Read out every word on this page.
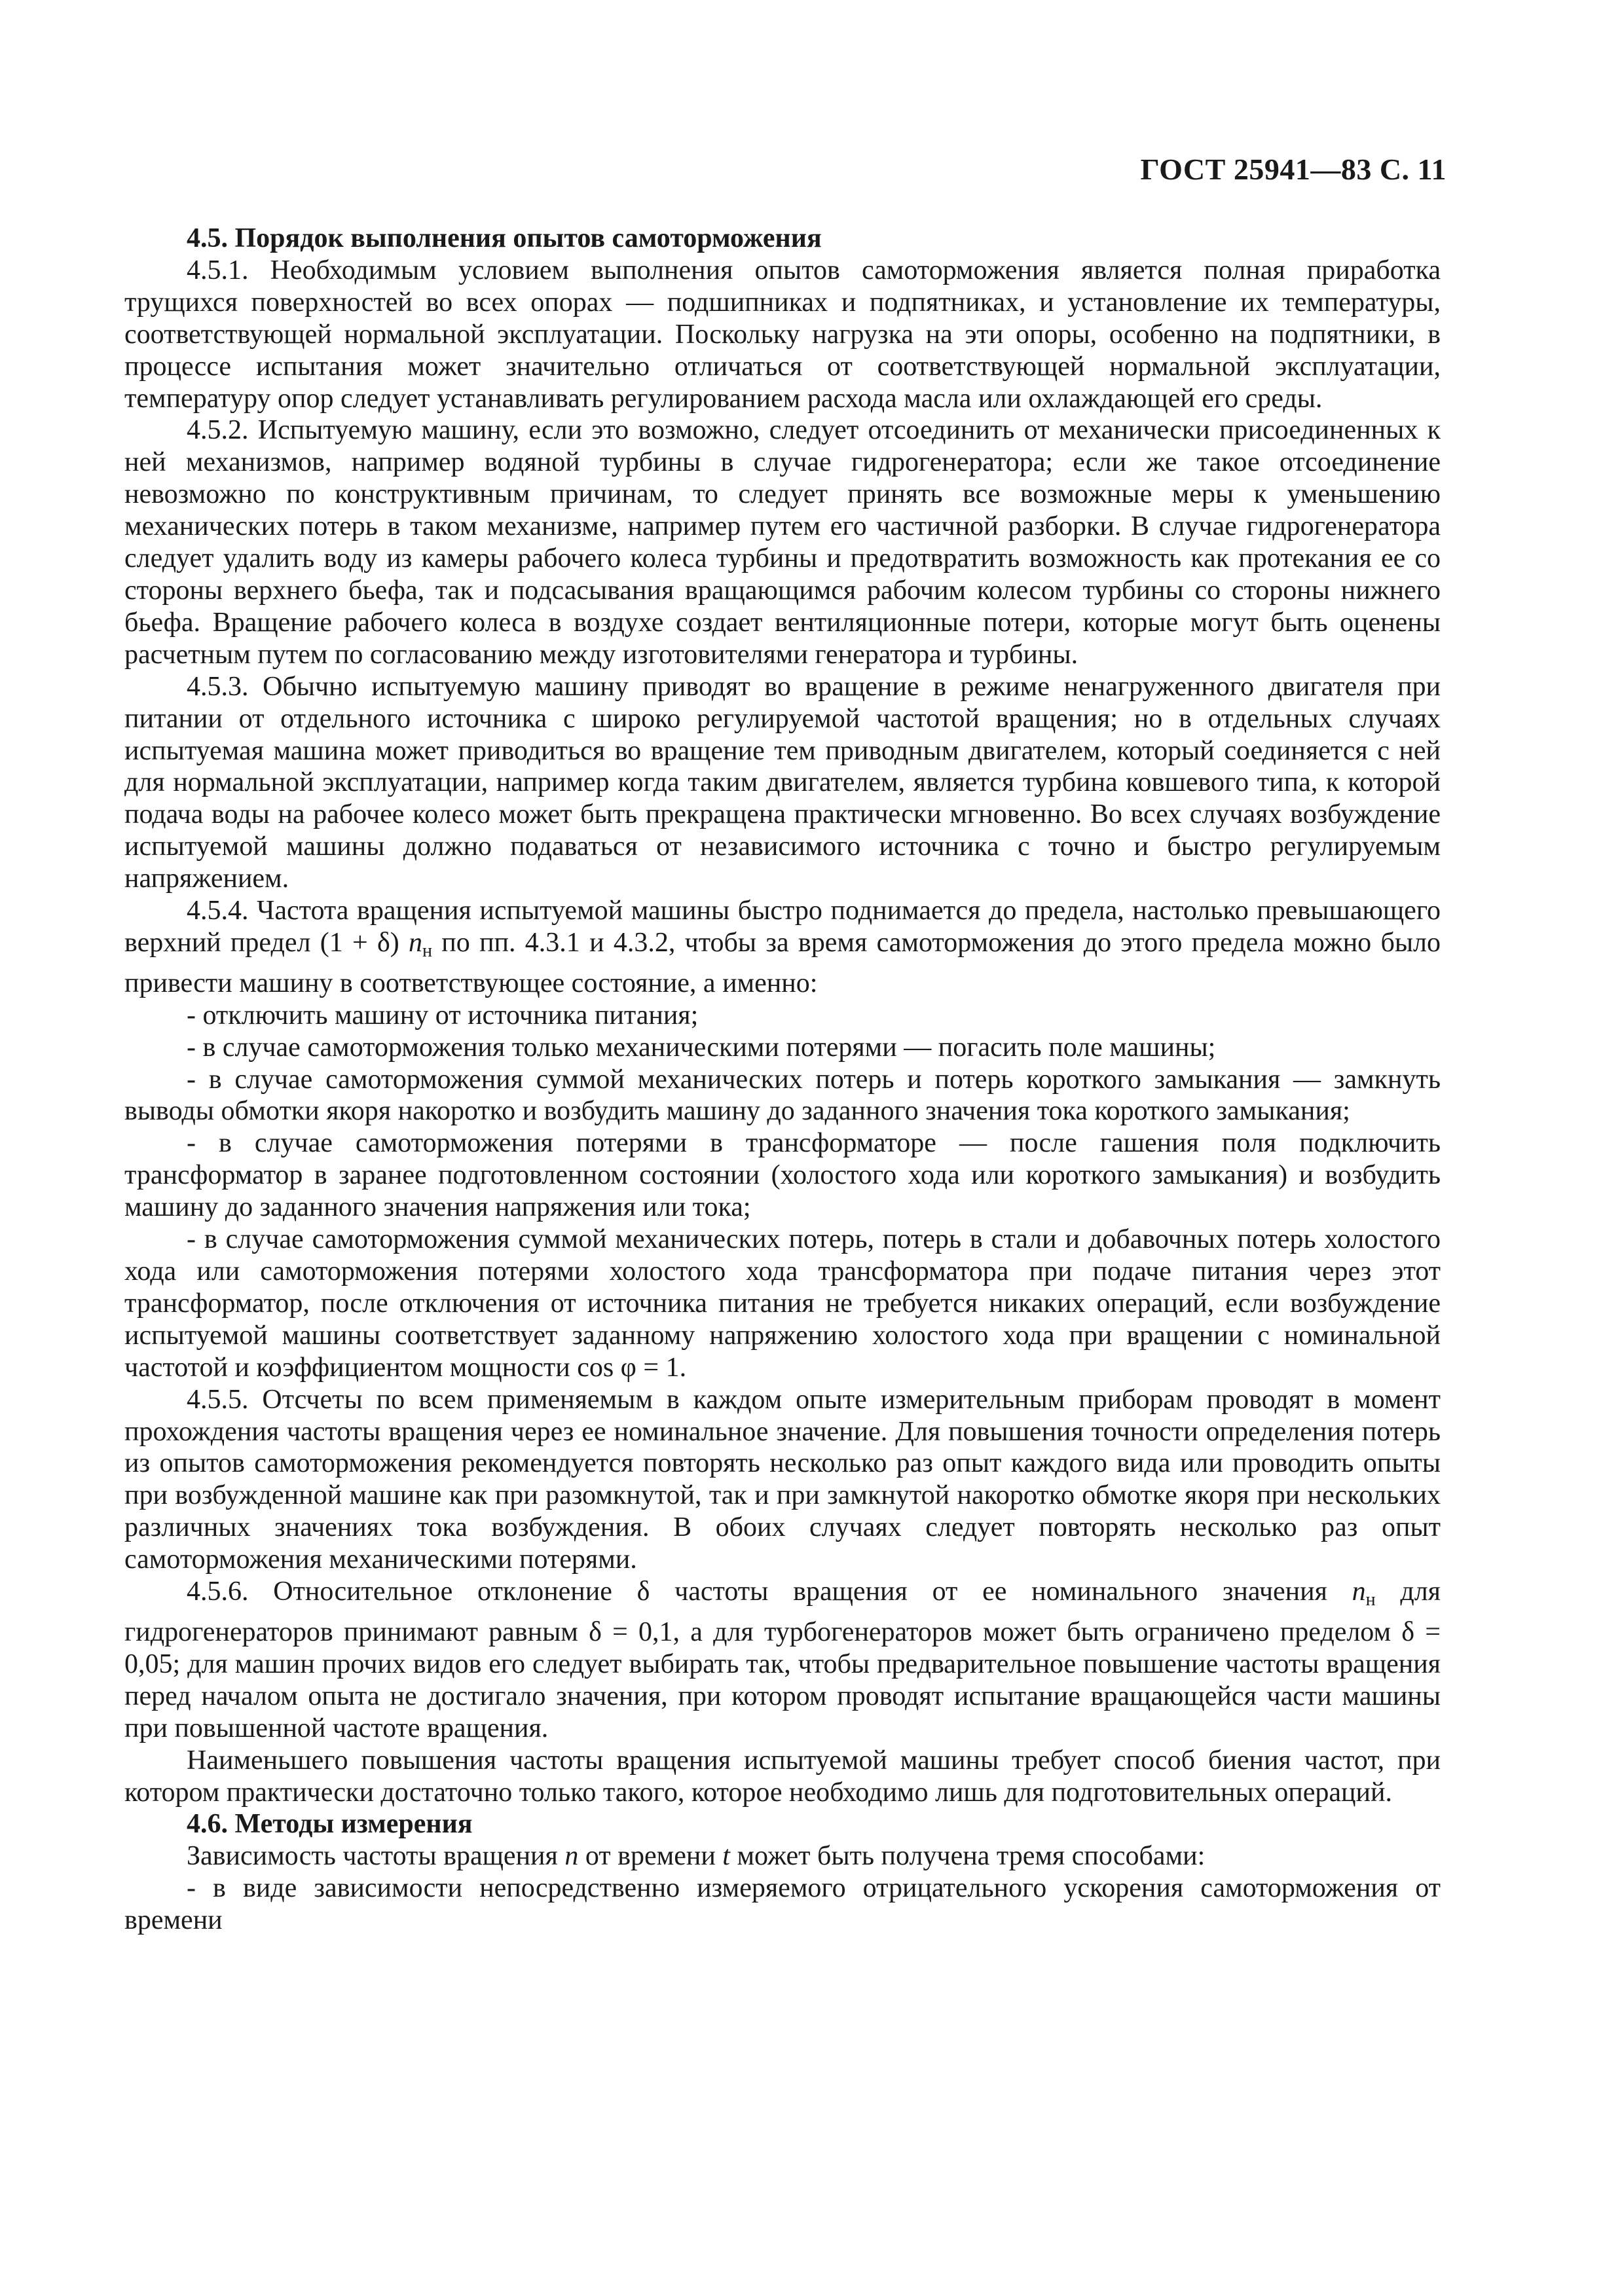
ГОСТ 25941—83 С. 11

4.5. Порядок выполнения опытов самоторможения

4.5.1. Необходимым условием выполнения опытов самоторможения является полная приработка трущихся поверхностей во всех опорах — подшипниках и подпятниках, и установление их температуры, соответствующей нормальной эксплуатации. Поскольку нагрузка на эти опоры, особенно на подпятники, в процессе испытания может значительно отличаться от соответствующей нормальной эксплуатации, температуру опор следует устанавливать регулированием расхода масла или охлаждающей его среды.

4.5.2. Испытуемую машину, если это возможно, следует отсоединить от механически присоединенных к ней механизмов, например водяной турбины в случае гидрогенератора; если же такое отсоединение невозможно по конструктивным причинам, то следует принять все возможные меры к уменьшению механических потерь в таком механизме, например путем его частичной разборки. В случае гидрогенератора следует удалить воду из камеры рабочего колеса турбины и предотвратить возможность как протекания ее со стороны верхнего бьефа, так и подсасывания вращающимся рабочим колесом турбины со стороны нижнего бьефа. Вращение рабочего колеса в воздухе создает вентиляционные потери, которые могут быть оценены расчетным путем по согласованию между изготовителями генератора и турбины.

4.5.3. Обычно испытуемую машину приводят во вращение в режиме ненагруженного двигателя при питании от отдельного источника с широко регулируемой частотой вращения; но в отдельных случаях испытуемая машина может приводиться во вращение тем приводным двигателем, который соединяется с ней для нормальной эксплуатации, например когда таким двигателем, является турбина ковшевого типа, к которой подача воды на рабочее колесо может быть прекращена практически мгновенно. Во всех случаях возбуждение испытуемой машины должно подаваться от независимого источника с точно и быстро регулируемым напряжением.

4.5.4. Частота вращения испытуемой машины быстро поднимается до предела, настолько превышающего верхний предел (1 + δ) $n_н$ по пп. 4.3.1 и 4.3.2, чтобы за время самоторможения до этого предела можно было привести машину в соответствующее состояние, а именно:

- отключить машину от источника питания;

- в случае самоторможения только механическими потерями — погасить поле машины;

- в случае самоторможения суммой механических потерь и потерь короткого замыкания — замкнуть выводы обмотки якоря накоротко и возбудить машину до заданного значения тока короткого замыкания;

- в случае самоторможения потерями в трансформаторе — после гашения поля подключить трансформатор в заранее подготовленном состоянии (холостого хода или короткого замыкания) и возбудить машину до заданного значения напряжения или тока;

- в случае самоторможения суммой механических потерь, потерь в стали и добавочных потерь холостого хода или самоторможения потерями холостого хода трансформатора при подаче питания через этот трансформатор, после отключения от источника питания не требуется никаких операций, если возбуждение испытуемой машины соответствует заданному напряжению холостого хода при вращении с номинальной частотой и коэффициентом мощности cos φ = 1.

4.5.5. Отсчеты по всем применяемым в каждом опыте измерительным приборам проводят в момент прохождения частоты вращения через ее номинальное значение. Для повышения точности определения потерь из опытов самоторможения рекомендуется повторять несколько раз опыт каждого вида или проводить опыты при возбужденной машине как при разомкнутой, так и при замкнутой накоротко обмотке якоря при нескольких различных значениях тока возбуждения. В обоих случаях следует повторять несколько раз опыт самоторможения механическими потерями.

4.5.6. Относительное отклонение δ частоты вращения от ее номинального значения $n_н$ для гидрогенераторов принимают равным δ = 0,1, а для турбогенераторов может быть ограничено пределом δ = 0,05; для машин прочих видов его следует выбирать так, чтобы предварительное повышение частоты вращения перед началом опыта не достигало значения, при котором проводят испытание вращающейся части машины при повышенной частоте вращения.

Наименьшего повышения частоты вращения испытуемой машины требует способ биения частот, при котором практически достаточно только такого, которое необходимо лишь для подготовительных операций.

4.6. Методы измерения

Зависимость частоты вращения n от времени t может быть получена тремя способами:

- в виде зависимости непосредственно измеряемого отрицательного ускорения самоторможения от времени
